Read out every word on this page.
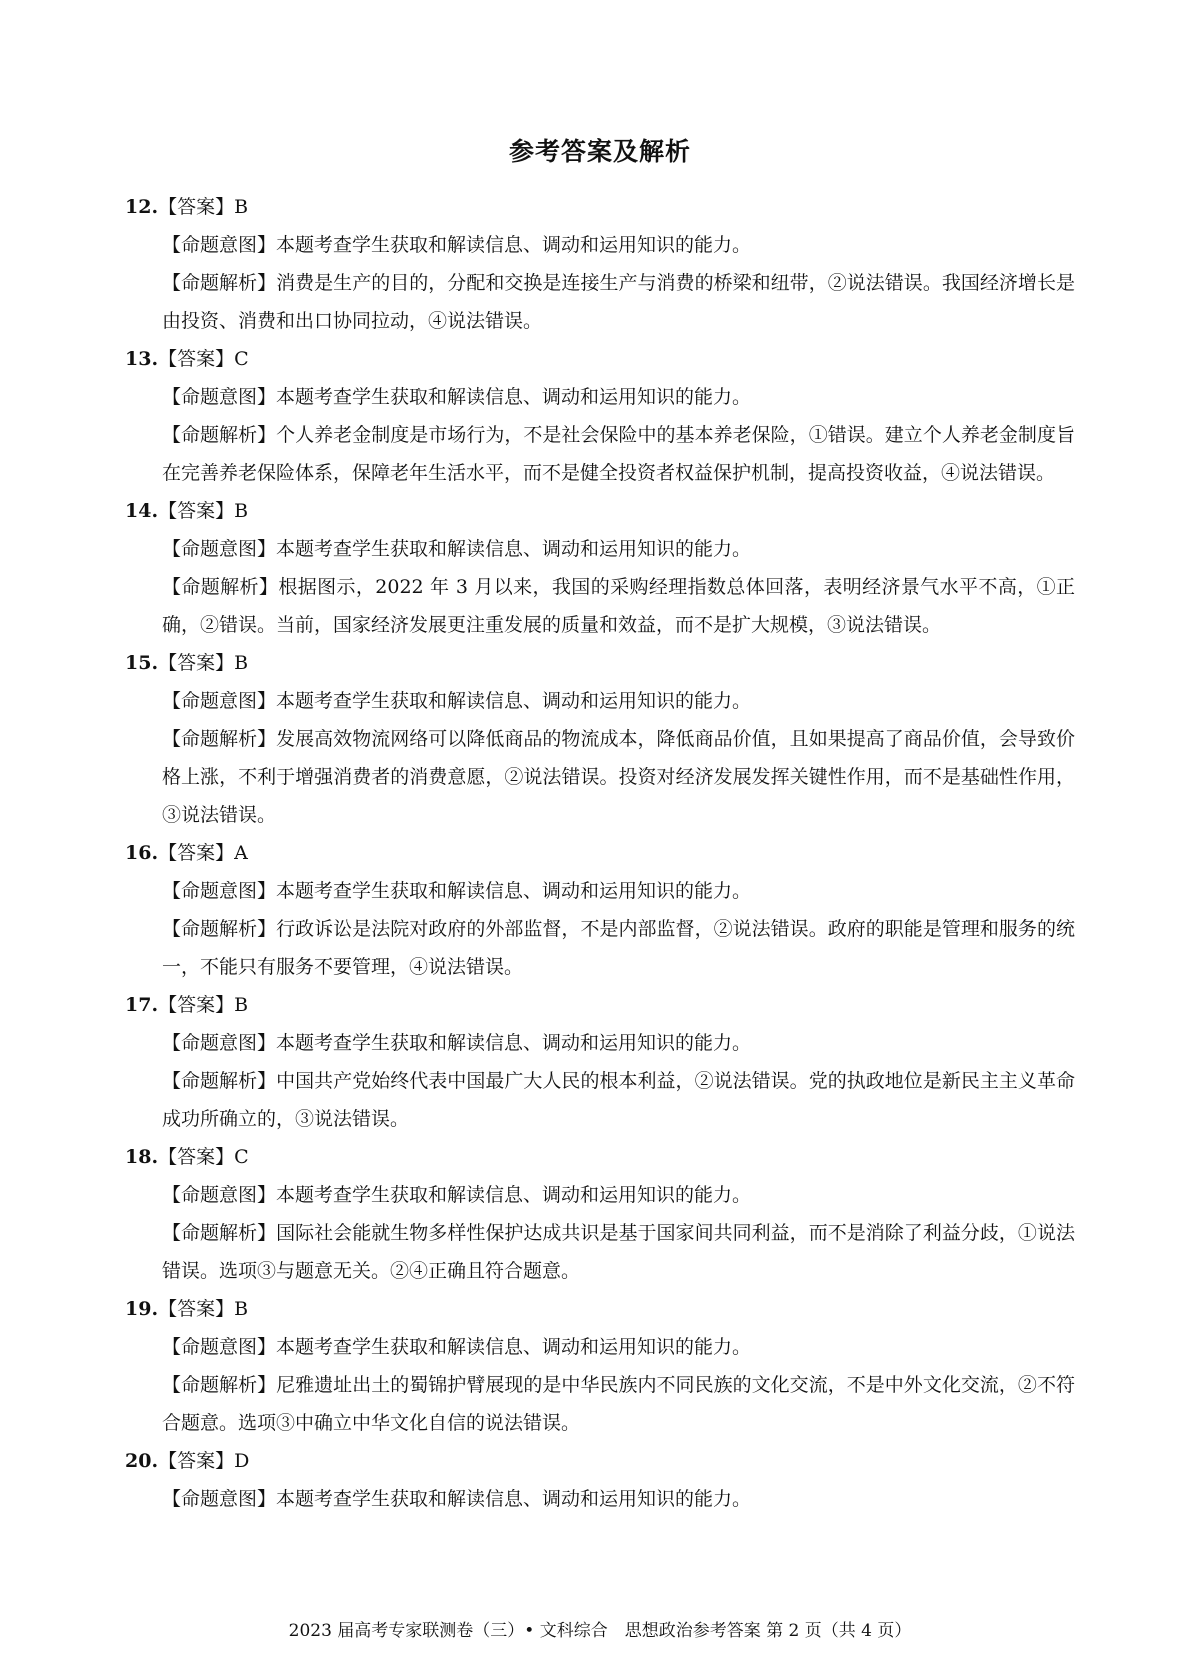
参考答案及解析
12.【答案】B

【命题意图】本题考查学生获取和解读信息、调动和运用知识的能力。

【命题解析】消费是生产的目的，分配和交换是连接生产与消费的桥梁和纽带，②说法错误。我国经济增长是由投资、消费和出口协同拉动，④说法错误。

13.【答案】C

【命题意图】本题考查学生获取和解读信息、调动和运用知识的能力。

【命题解析】个人养老金制度是市场行为，不是社会保险中的基本养老保险，①错误。建立个人养老金制度旨在完善养老保险体系，保障老年生活水平，而不是健全投资者权益保护机制，提高投资收益，④说法错误。

14.【答案】B

【命题意图】本题考查学生获取和解读信息、调动和运用知识的能力。

【命题解析】根据图示，2022 年 3 月以来，我国的采购经理指数总体回落，表明经济景气水平不高，①正确，②错误。当前，国家经济发展更注重发展的质量和效益，而不是扩大规模，③说法错误。

15.【答案】B

【命题意图】本题考查学生获取和解读信息、调动和运用知识的能力。

【命题解析】发展高效物流网络可以降低商品的物流成本，降低商品价值，且如果提高了商品价值，会导致价格上涨，不利于增强消费者的消费意愿，②说法错误。投资对经济发展发挥关键性作用，而不是基础性作用，③说法错误。

16.【答案】A

【命题意图】本题考查学生获取和解读信息、调动和运用知识的能力。

【命题解析】行政诉讼是法院对政府的外部监督，不是内部监督，②说法错误。政府的职能是管理和服务的统一，不能只有服务不要管理，④说法错误。

17.【答案】B

【命题意图】本题考查学生获取和解读信息、调动和运用知识的能力。

【命题解析】中国共产党始终代表中国最广大人民的根本利益，②说法错误。党的执政地位是新民主主义革命成功所确立的，③说法错误。

18.【答案】C

【命题意图】本题考查学生获取和解读信息、调动和运用知识的能力。

【命题解析】国际社会能就生物多样性保护达成共识是基于国家间共同利益，而不是消除了利益分歧，①说法错误。选项③与题意无关。②④正确且符合题意。

19.【答案】B

【命题意图】本题考查学生获取和解读信息、调动和运用知识的能力。

【命题解析】尼雅遗址出土的蜀锦护臂展现的是中华民族内不同民族的文化交流，不是中外文化交流，②不符合题意。选项③中确立中华文化自信的说法错误。

20.【答案】D

【命题意图】本题考查学生获取和解读信息、调动和运用知识的能力。

2023 届高考专家联测卷（三）• 文科综合　思想政治参考答案 第 2 页（共 4 页）
